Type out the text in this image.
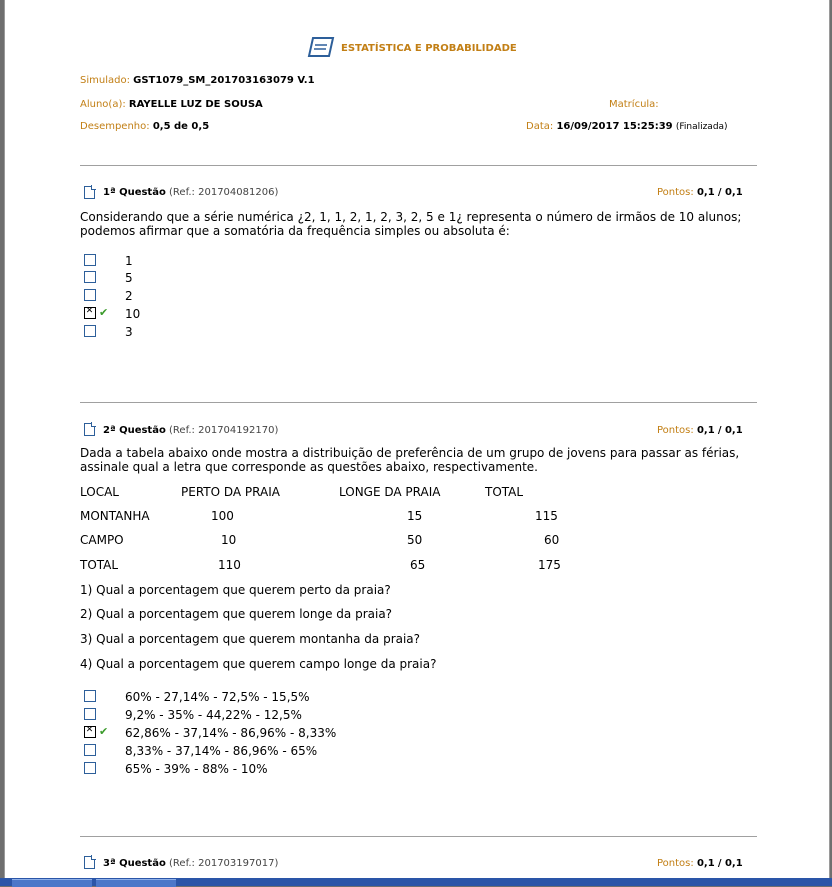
ESTATÍSTICA E PROBABILIDADE
Simulado: GST1079_SM_201703163079 V.1
Aluno(a): RAYELLE LUZ DE SOUSA	Matrícula:
Desempenho: 0,5 de 0,5	Data: 16/09/2017 15:25:39 (Finalizada)
1ª Questão (Ref.: 201704081206)	Pontos: 0,1 / 0,1
Considerando que a série numérica ¿2, 1, 1, 2, 1, 2, 3, 2, 5 e 1¿ representa o número de irmãos de 10 alunos;
podemos afirmar que a somatória da frequência simples ou absoluta é:
1
5
2
✕
✔ 10
3
2ª Questão (Ref.: 201704192170)	Pontos: 0,1 / 0,1
Dada a tabela abaixo onde mostra a distribuição de preferência de um grupo de jovens para passar as férias,
assinale qual a letra que corresponde as questões abaixo, respectivamente.
LOCAL	PERTO DA PRAIA	LONGE DA PRAIA	TOTAL
MONTANHA	100	15	115
CAMPO	10	50	60
TOTAL	110	65	175
1) Qual a porcentagem que querem perto da praia?
2) Qual a porcentagem que querem longe da praia?
3) Qual a porcentagem que querem montanha da praia?
4) Qual a porcentagem que querem campo longe da praia?
60% - 27,14% - 72,5% - 15,5%
9,2% - 35% - 44,22% - 12,5%
✕
✔ 62,86% - 37,14% - 86,96% - 8,33%
8,33% - 37,14% - 86,96% - 65%
65% - 39% - 88% - 10%
3ª Questão (Ref.: 201703197017)	Pontos: 0,1 / 0,1
